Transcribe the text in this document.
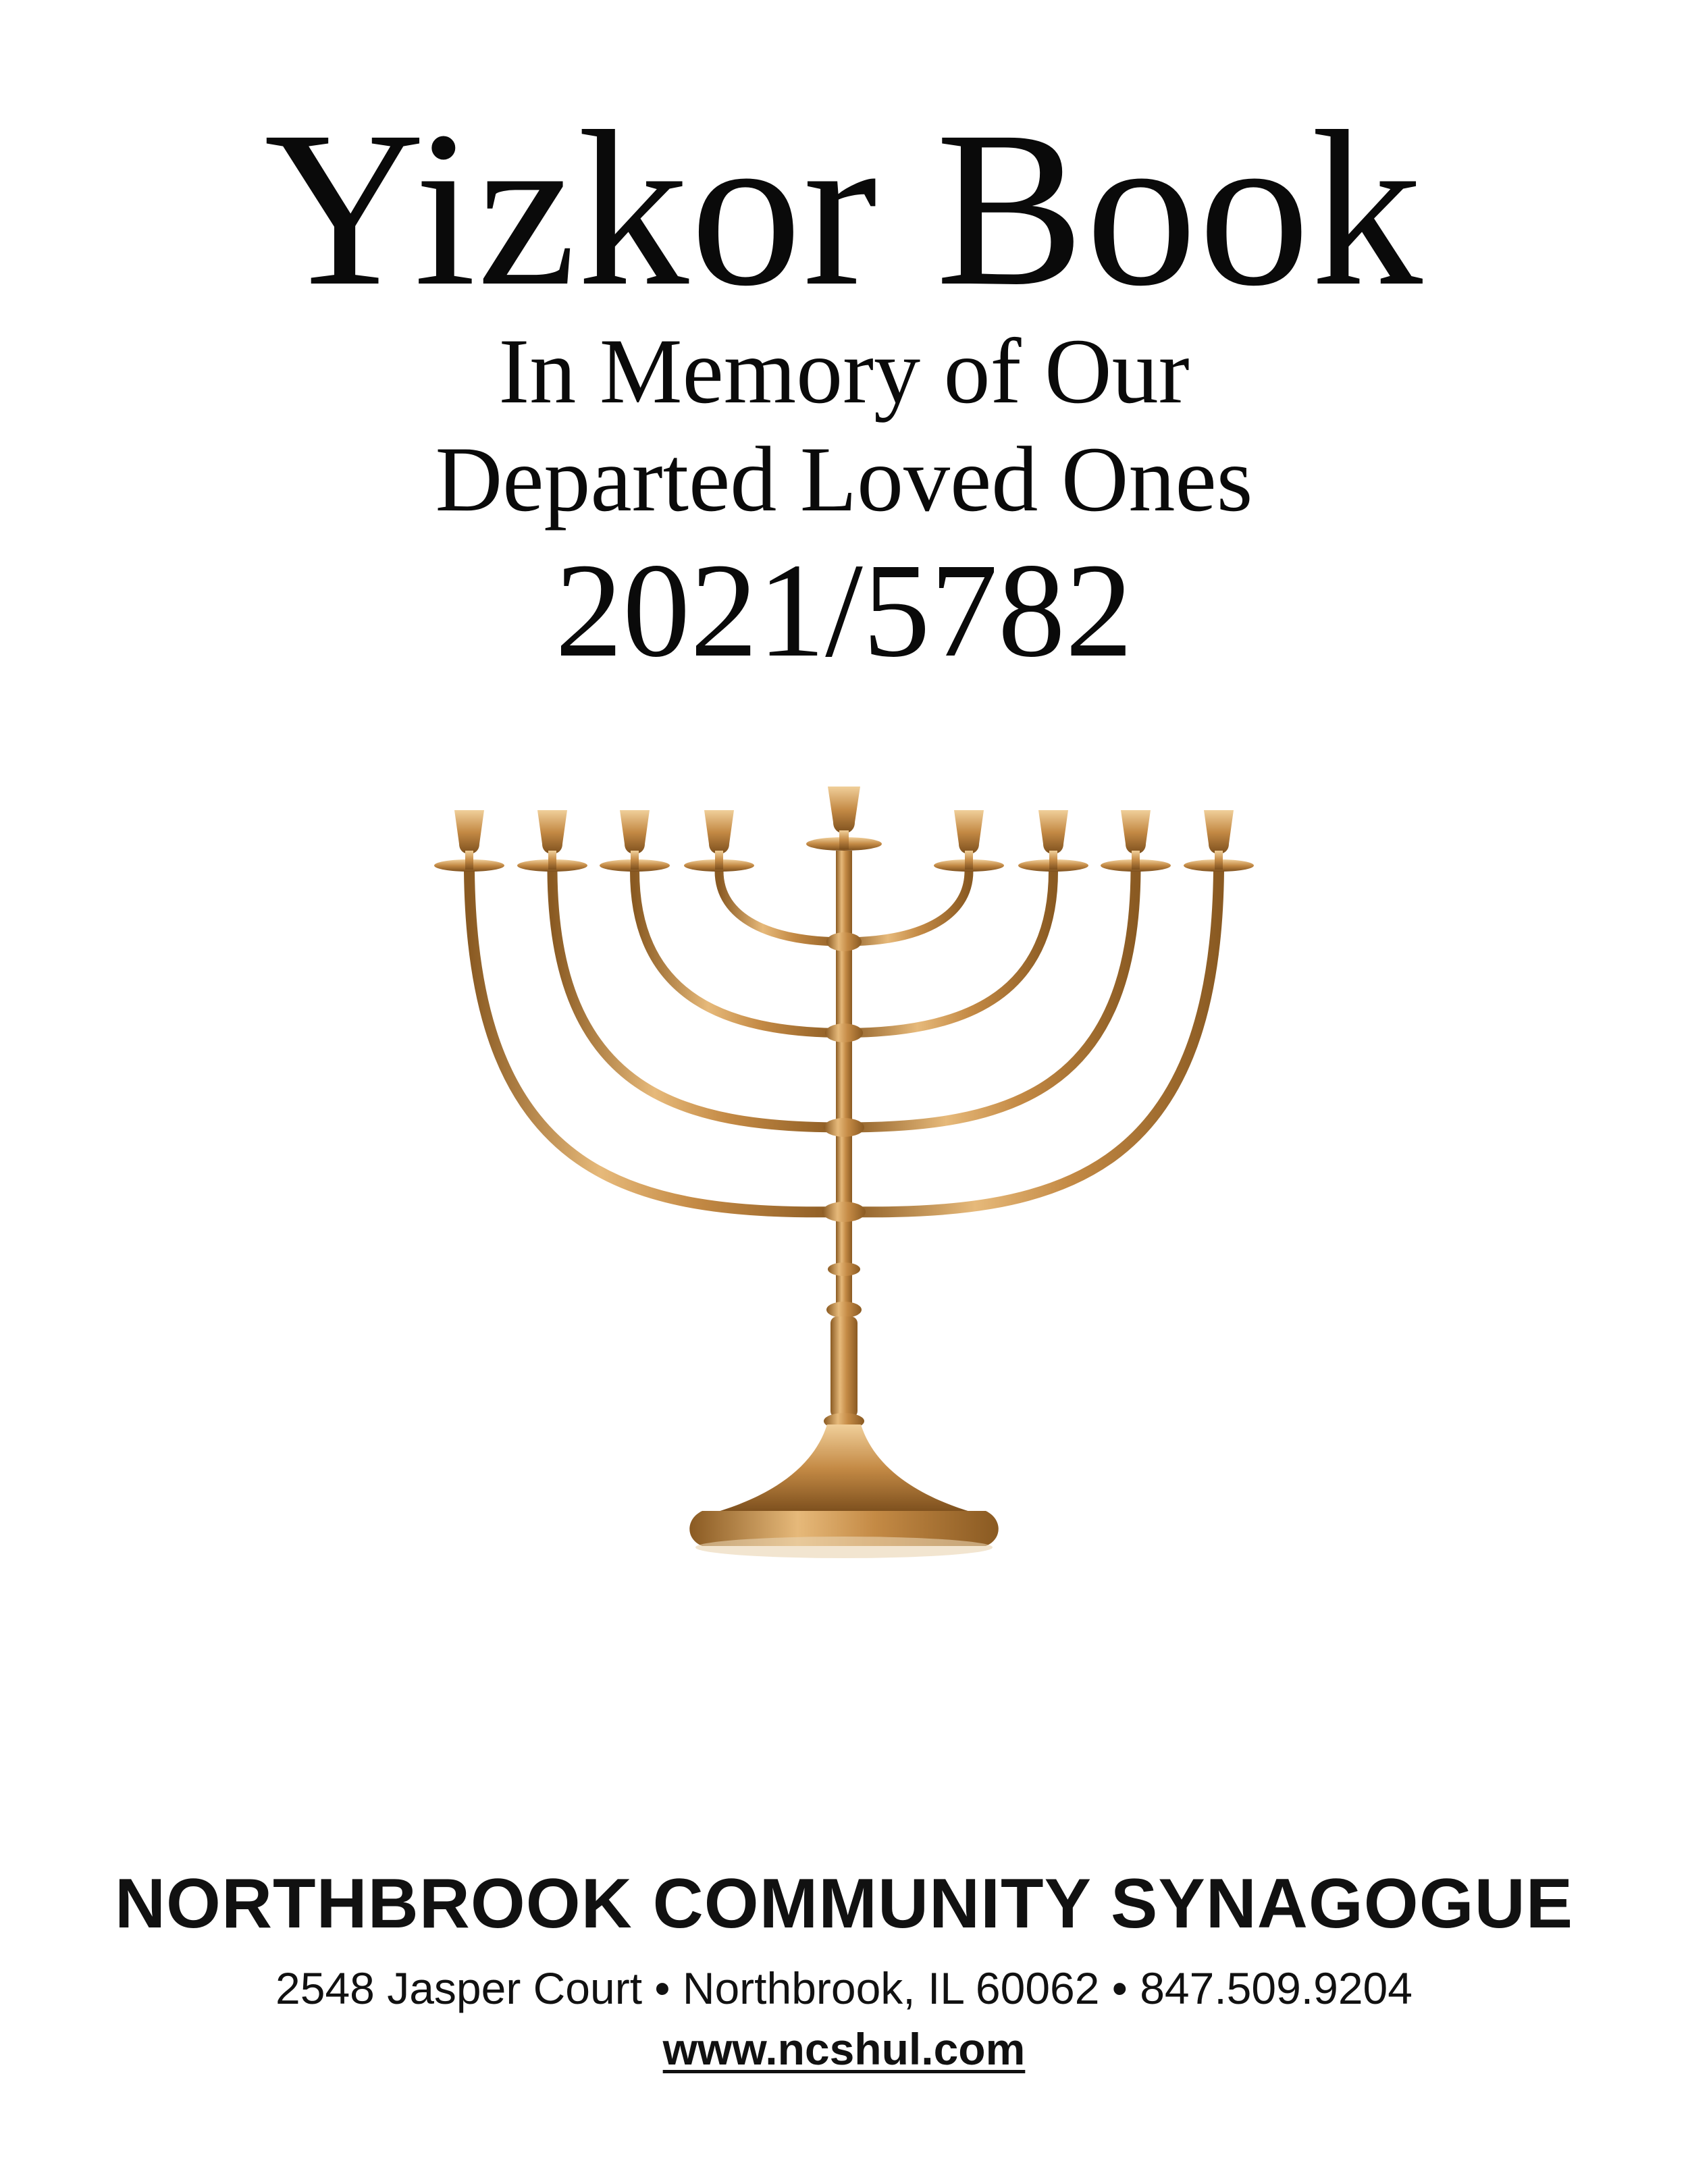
Yizkor Book
In Memory of Our
Departed Loved Ones
2021/5782
NORTHBROOK COMMUNITY SYNAGOGUE
2548 Jasper Court • Northbrook, IL 60062 • 847.509.9204
www.ncshul.com
